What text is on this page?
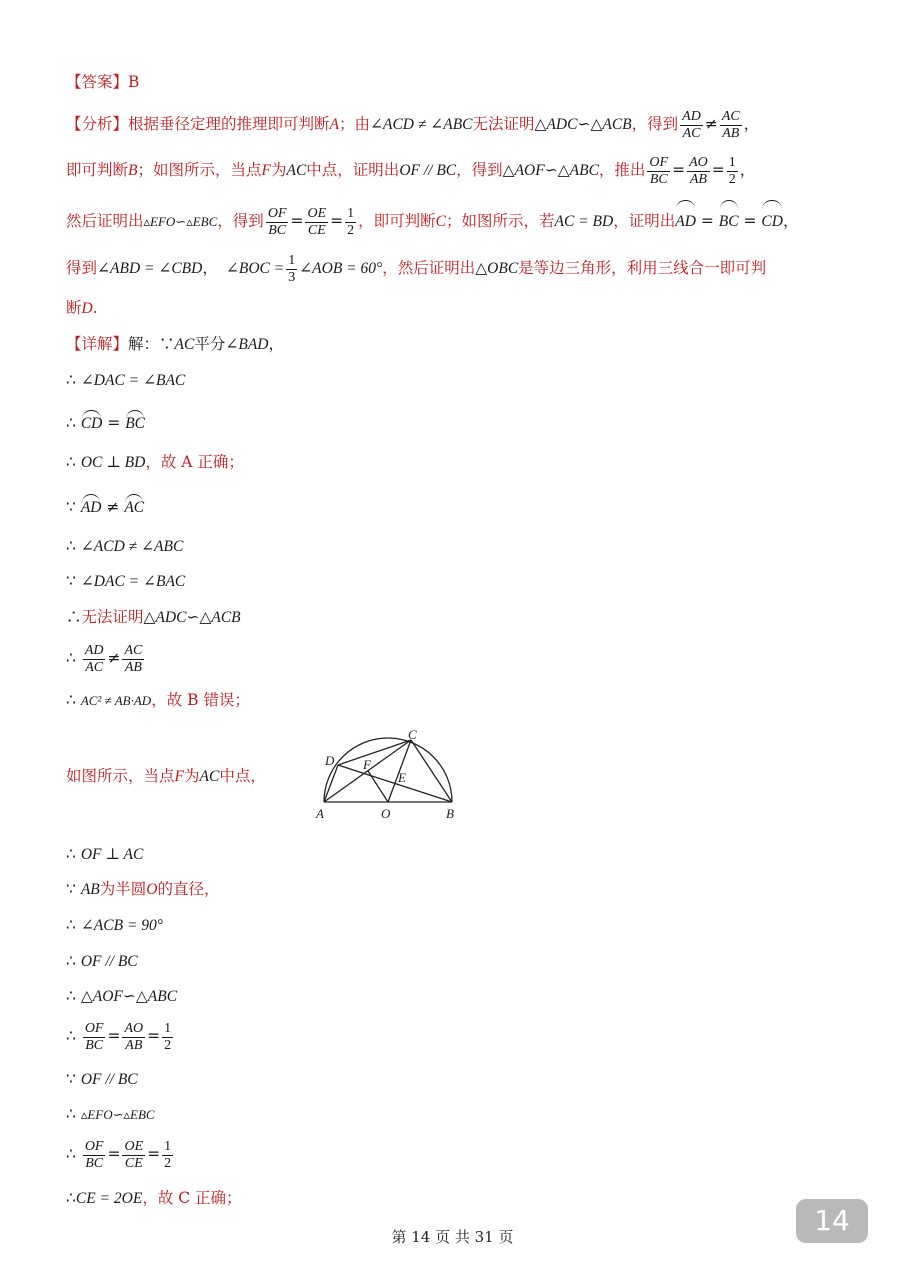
【答案】B
【分析】根据垂径定理的推理即可判断A；由∠ACD ≠ ∠ABC无法证明△ADC∽△ACB，得到 $\frac{AD}{AC} \ne \frac{AC}{AB}$ ，
即可判断B；如图所示，当点F为AC中点，证明出OF // BC，得到△AOF∽△ABC，推出 $\frac{OF}{BC} = \frac{AO}{AB} = \frac{1}{2}$ ，
然后证明出▵EFO∽▵EBC，得到 $\frac{OF}{BC} = \frac{OE}{CE} = \frac{1}{2}$ ，即可判断C；如图所示，若AC = BD，证明出AD = BC = CD，
得到∠ABD = ∠CBD， ∠BOC = $\frac{1}{3}$ ∠AOB = 60°，然后证明出△OBC是等边三角形，利用三线合一即可判
断D.
【详解】解：∵AC平分∠BAD，
∴ ∠DAC = ∠BAC
∴ CD = BC
∴ OC ⊥ BD，故 A 正确；
∵ AD ≠ AC
∴ ∠ACD ≠ ∠ABC
∵ ∠DAC = ∠BAC
∴无法证明△ADC∽△ACB
∴ $\frac{AD}{AC} \ne \frac{AC}{AB}$
∴ AC² ≠ AB·AD，故 B 错误；
如图所示，当点F为AC中点，
A	O	B
C
D
E
F
∴ OF ⊥ AC
∵ AB为半圆O的直径，
∴ ∠ACB = 90°
∴ OF // BC
∴ △AOF∽△ABC
∴ $\frac{OF}{BC} = \frac{AO}{AB} = \frac{1}{2}$
∵ OF // BC
∴ ▵EFO∽▵EBC
∴ $\frac{OF}{BC} = \frac{OE}{CE} = \frac{1}{2}$
∴CE = 2OE，故 C 正确；
第 14 页 共 31 页	14
